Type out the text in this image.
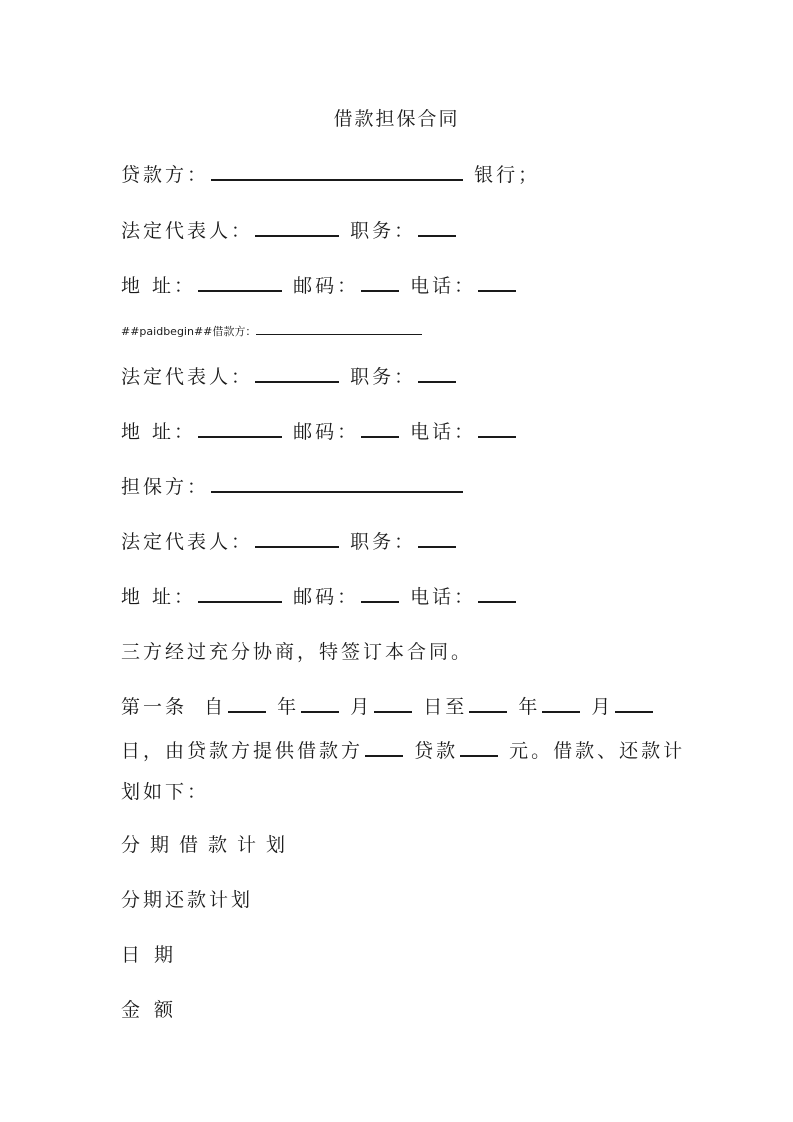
借款担保合同
贷款方：	银行；
法定代表人：	职务：
地 址：	邮码：	电话：
##paidbegin##借款方：
法定代表人：	职务：
地 址：	邮码：	电话：
担保方：
法定代表人：	职务：
地 址：	邮码：	电话：
三方经过充分协商，特签订本合同。
第一条 自	年	月	日至	年	月
日，由贷款方提供借款方	贷款	元。借款、还款计
划如下：
分期借款计划
分期还款计划
日期
金额
